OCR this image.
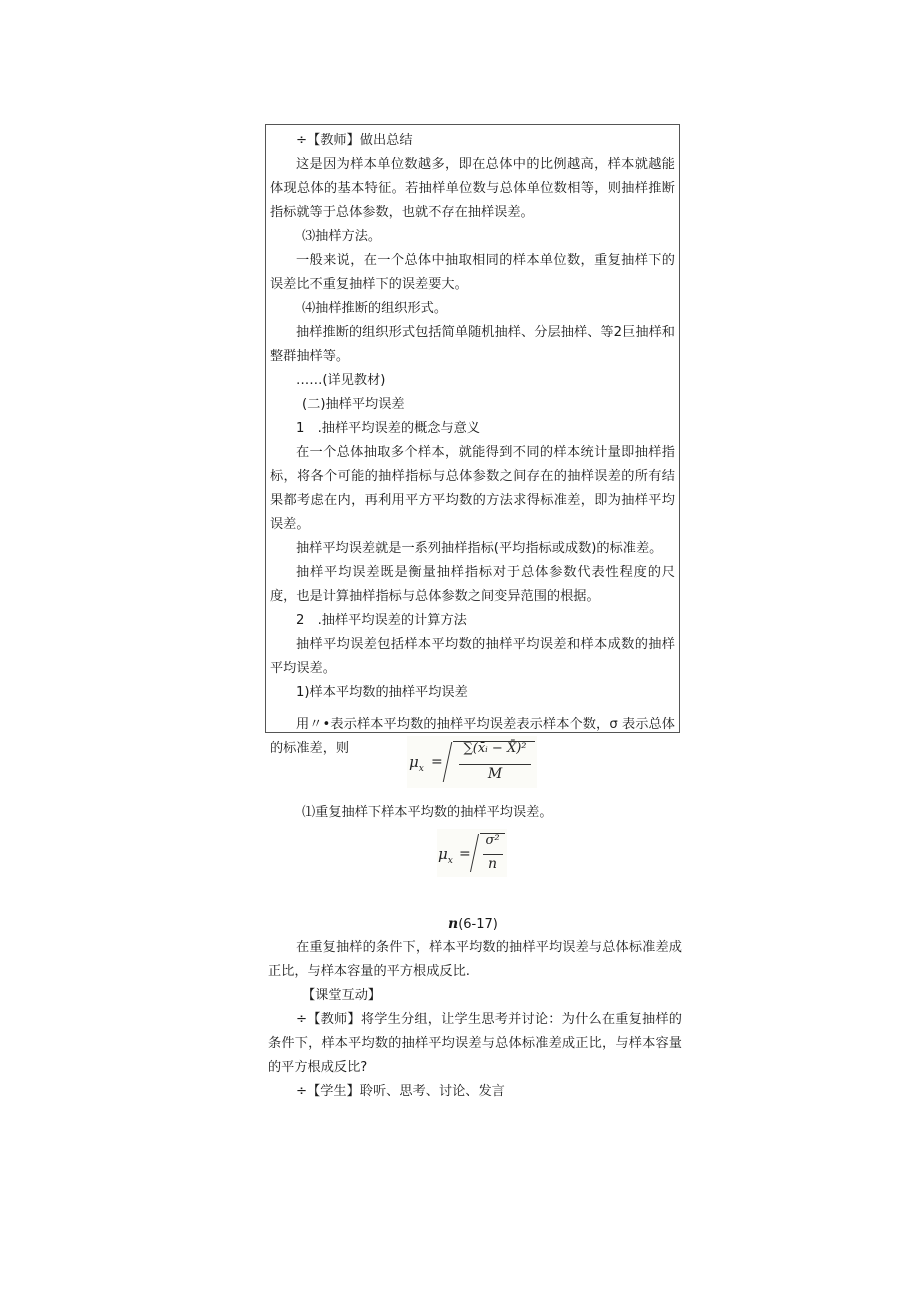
÷【教师】做出总结

这是因为样本单位数越多，即在总体中的比例越高，样本就越能体现总体的基本特征。若抽样单位数与总体单位数相等，则抽样推断指标就等于总体参数，也就不存在抽样误差。

⑶抽样方法。

一般来说，在一个总体中抽取相同的样本单位数，重复抽样下的误差比不重复抽样下的误差要大。

⑷抽样推断的组织形式。

抽样推断的组织形式包括简单随机抽样、分层抽样、等2巨抽样和整群抽样等。

……(详见教材)

(二)抽样平均误差

1　.抽样平均误差的概念与意义

在一个总体抽取多个样本，就能得到不同的样本统计量即抽样指标，将各个可能的抽样指标与总体参数之间存在的抽样误差的所有结果都考虑在内，再利用平方平均数的方法求得标准差，即为抽样平均误差。

抽样平均误差就是一系列抽样指标(平均指标或成数)的标准差。

抽样平均误差既是衡量抽样指标对于总体参数代表性程度的尺度，也是计算抽样指标与总体参数之间变异范围的根据。

2　.抽样平均误差的计算方法

抽样平均误差包括样本平均数的抽样平均误差和样本成数的抽样平均误差。

1)样本平均数的抽样平均误差

用〃•表示样本平均数的抽样平均误差表示样本个数，σ 表示总体的标准差，则

$\mu_x$ =
∑(x̄ᵢ − X̄)²
M

⑴重复抽样下样本平均数的抽样平均误差。

$\mu_x$ =
σ²
n
n(6-17)

在重复抽样的条件下，样本平均数的抽样平均误差与总体标准差成正比，与样本容量的平方根成反比.

【课堂互动】

÷【教师】将学生分组，让学生思考并讨论：为什么在重复抽样的条件下，样本平均数的抽样平均误差与总体标准差成正比，与样本容量的平方根成反比?

÷【学生】聆听、思考、讨论、发言
